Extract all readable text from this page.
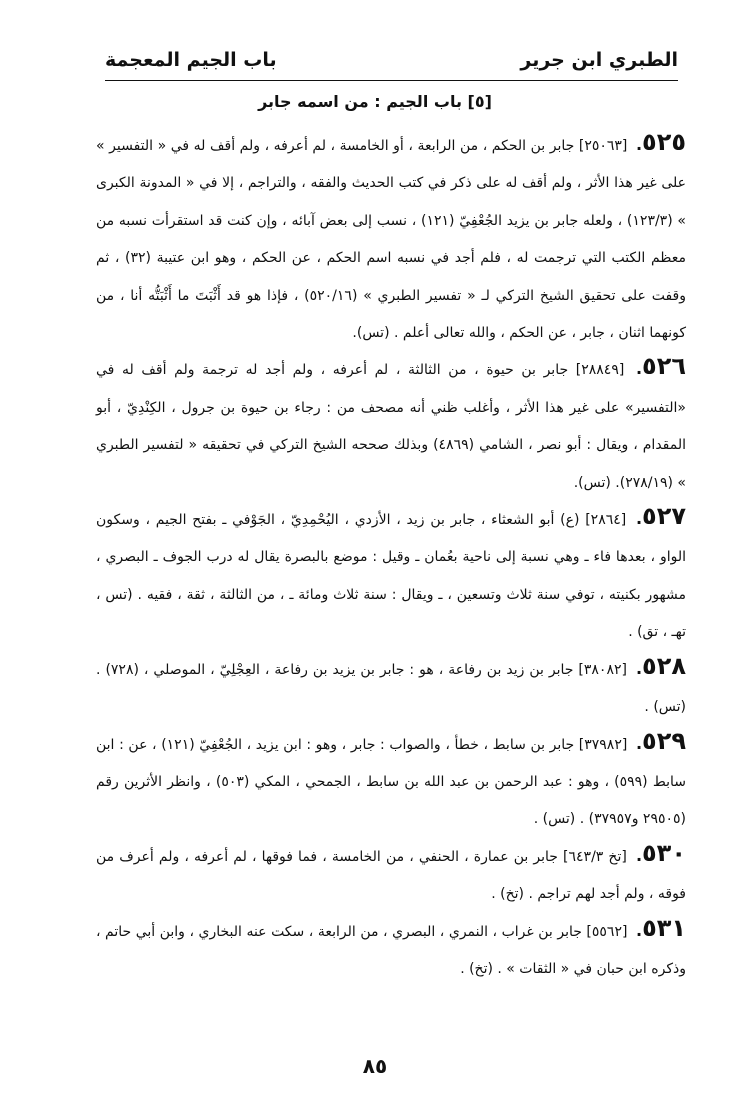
الطبري ابن جرير
باب الجيم المعجمة
[٥] باب الجيم : من اسمه جابر

٥٢٥. [٢٥٠٦٣] جابر بن الحكم ، من الرابعة ، أو الخامسة ، لم أعرفه ، ولم أقف له في « التفسير » على غير هذا الأثر ، ولم أقف له على ذكر في كتب الحديث والفقه ، والتراجم ، إلا في « المدونة الكبرى » (١٢٣/٣) ، ولعله جابر بن يزيد الجُعْفِيّ (١٢١) ، نسب إلى بعض آبائه ، وإن كنت قد استقرأت نسبه من معظم الكتب التي ترجمت له ، فلم أجد في نسبه اسم الحكم ، عن الحكم ، وهو ابن عتيبة (٣٢) ، ثم وقفت على تحقيق الشيخ التركي لـ « تفسير الطبري » (٥٢٠/١٦) ، فإذا هو قد أَثْبَتَ ما أَثْبَتُّه أنا ، من كونهما اثنان ، جابر ، عن الحكم ، والله تعالى أعلم . (تس).

٥٢٦. [٢٨٨٤٩] جابر بن حيوة ، من الثالثة ، لم أعرفه ، ولم أجد له ترجمة ولم أقف له في «التفسير» على غير هذا الأثر ، وأغلب ظني أنه مصحف من : رجاء بن حيوة بن جرول ، الكِنْدِيّ ، أبو المقدام ، ويقال : أبو نصر ، الشامي (٤٨٦٩) وبذلك صححه الشيخ التركي في تحقيقه « لتفسير الطبري » (٢٧٨/١٩). (تس).

٥٢٧. [٢٨٦٤] (ع) أبو الشعثاء ، جابر بن زيد ، الأزدي ، اليُحْمِدِيّ ، الجَوْفي ـ بفتح الجيم ، وسكون الواو ، بعدها فاء ـ وهي نسبة إلى ناحية بعُمان ـ وقيل : موضع بالبصرة يقال له درب الجوف ـ البصري ، مشهور بكنيته ، توفي سنة ثلاث وتسعين ، ـ ويقال : سنة ثلاث ومائة ـ ، من الثالثة ، ثقة ، فقيه . (تس ، تهـ ، تق) .

٥٢٨. [٣٨٠٨٢] جابر بن زيد بن رفاعة ، هو : جابر بن يزيد بن رفاعة ، العِجْلِيّ ، الموصلي ، (٧٢٨) .(تس) .

٥٢٩. [٣٧٩٨٢] جابر بن سابط ، خطأ ، والصواب : جابر ، وهو : ابن يزيد ، الجُعْفِيّ (١٢١) ، عن : ابن سابط (٥٩٩) ، وهو : عبد الرحمن بن عبد الله بن سابط ، الجمحي ، المكي (٥٠٣) ، وانظر الأثرين رقم (٢٩٥٠٥ و٣٧٩٥٧) . (تس) .

٥٣٠. [تخ ٦٤٣/٣] جابر بن عمارة ، الحنفي ، من الخامسة ، فما فوقها ، لم أعرفه ، ولم أعرف من فوقه ، ولم أجد لهم تراجم . (تخ) .

٥٣١. [٥٥٦٢] جابر بن غراب ، النمري ، البصري ، من الرابعة ، سكت عنه البخاري ، وابن أبي حاتم ، وذكره ابن حبان في « الثقات » . (تخ) .

٨٥
